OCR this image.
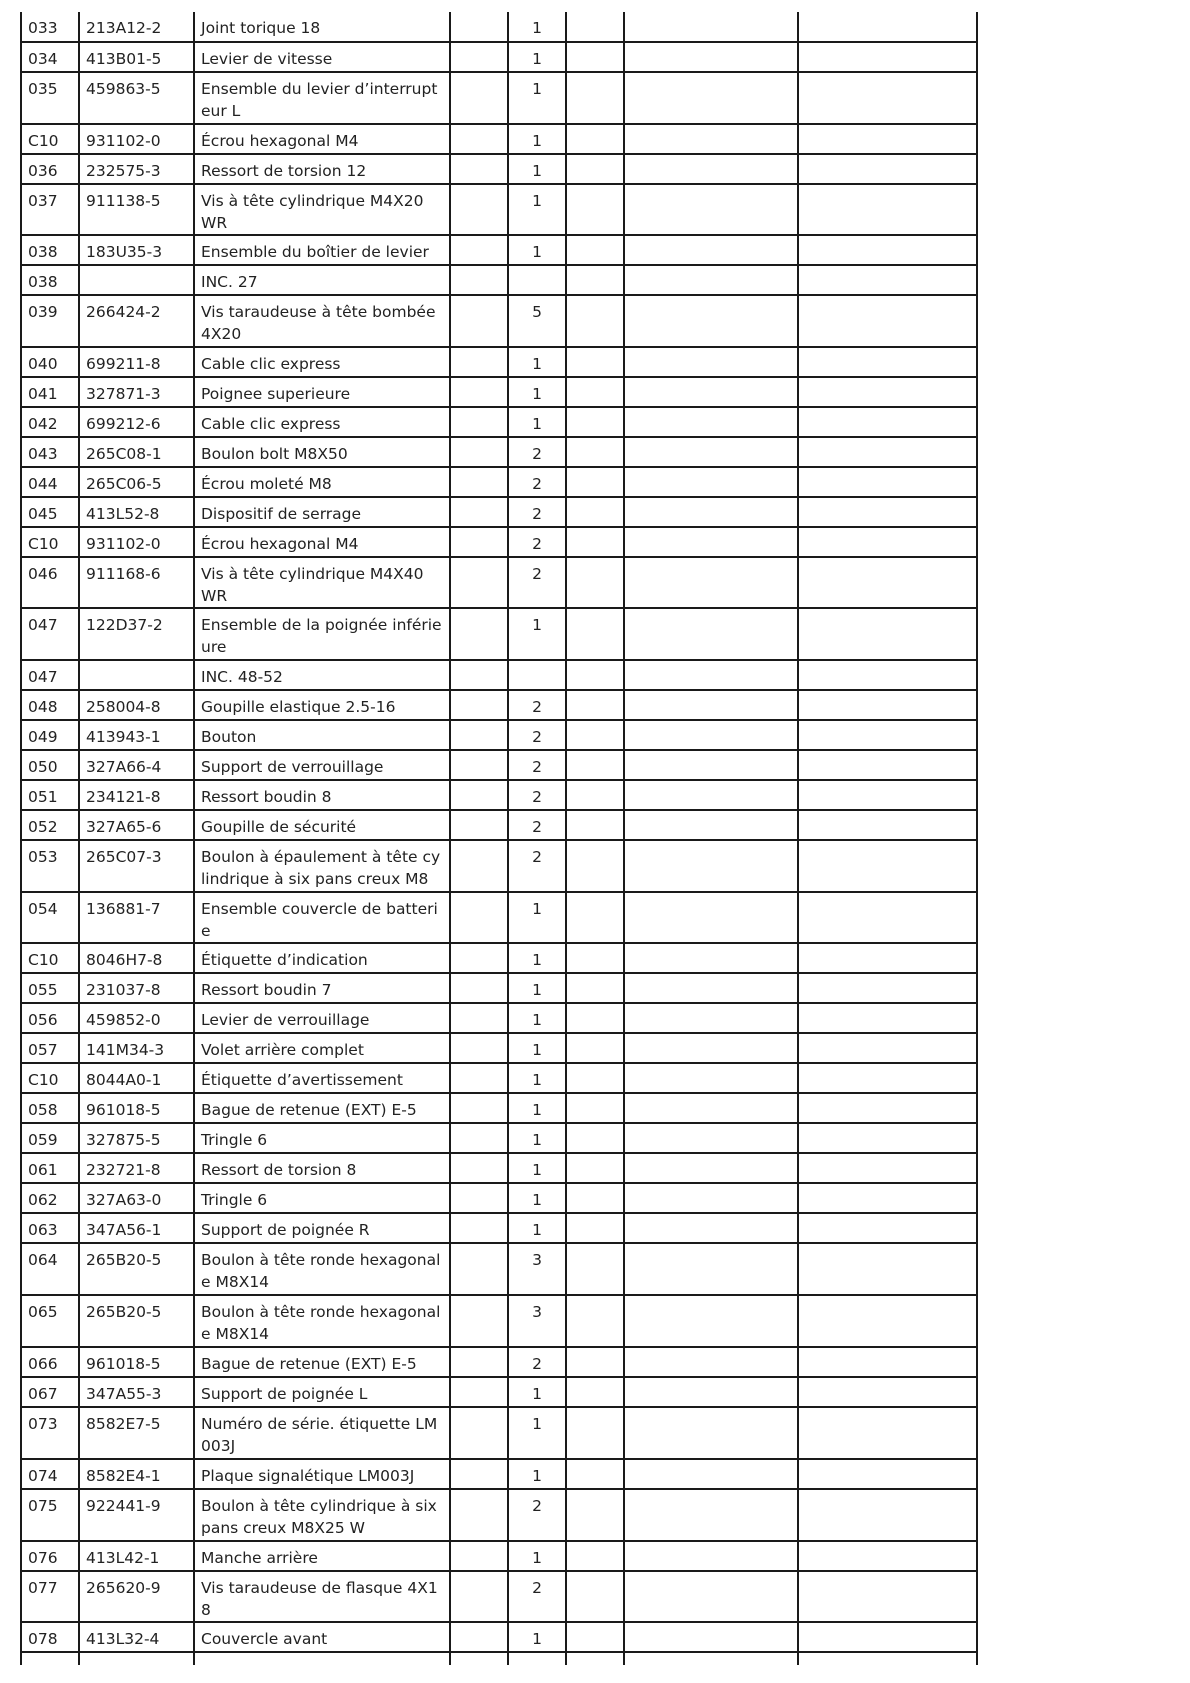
033	213A12-2	Joint torique 18		1			
034	413B01-5	Levier de vitesse		1			
035	459863-5	Ensemble du levier d’interrupteur L		1			
C10	931102-0	Écrou hexagonal M4		1			
036	232575-3	Ressort de torsion 12		1			
037	911138-5	Vis à tête cylindrique M4X20 WR		1			
038	183U35-3	Ensemble du boîtier de levier		1			
038		INC. 27					
039	266424-2	Vis taraudeuse à tête bombée 4X20		5			
040	699211-8	Cable clic express		1			
041	327871-3	Poignee superieure		1			
042	699212-6	Cable clic express		1			
043	265C08-1	Boulon bolt M8X50		2			
044	265C06-5	Écrou moleté M8		2			
045	413L52-8	Dispositif de serrage		2			
C10	931102-0	Écrou hexagonal M4		2			
046	911168-6	Vis à tête cylindrique M4X40 WR		2			
047	122D37-2	Ensemble de la poignée inférieure		1			
047		INC. 48-52					
048	258004-8	Goupille elastique 2.5-16		2			
049	413943-1	Bouton		2			
050	327A66-4	Support de verrouillage		2			
051	234121-8	Ressort boudin 8		2			
052	327A65-6	Goupille de sécurité		2			
053	265C07-3	Boulon à épaulement à tête cylindrique à six pans creux M8		2			
054	136881-7	Ensemble couvercle de batterie		1			
C10	8046H7-8	Étiquette d’indication		1			
055	231037-8	Ressort boudin 7		1			
056	459852-0	Levier de verrouillage		1			
057	141M34-3	Volet arrière complet		1			
C10	8044A0-1	Étiquette d’avertissement		1			
058	961018-5	Bague de retenue (EXT) E-5		1			
059	327875-5	Tringle 6		1			
061	232721-8	Ressort de torsion 8		1			
062	327A63-0	Tringle 6		1			
063	347A56-1	Support de poignée R		1			
064	265B20-5	Boulon à tête ronde hexagonale M8X14		3			
065	265B20-5	Boulon à tête ronde hexagonale M8X14		3			
066	961018-5	Bague de retenue (EXT) E-5		2			
067	347A55-3	Support de poignée L		1			
073	8582E7-5	Numéro de série. étiquette LM003J		1			
074	8582E4-1	Plaque signalétique LM003J		1			
075	922441-9	Boulon à tête cylindrique à six pans creux M8X25 W		2			
076	413L42-1	Manche arrière		1			
077	265620-9	Vis taraudeuse de flasque 4X18		2			
078	413L32-4	Couvercle avant		1			
